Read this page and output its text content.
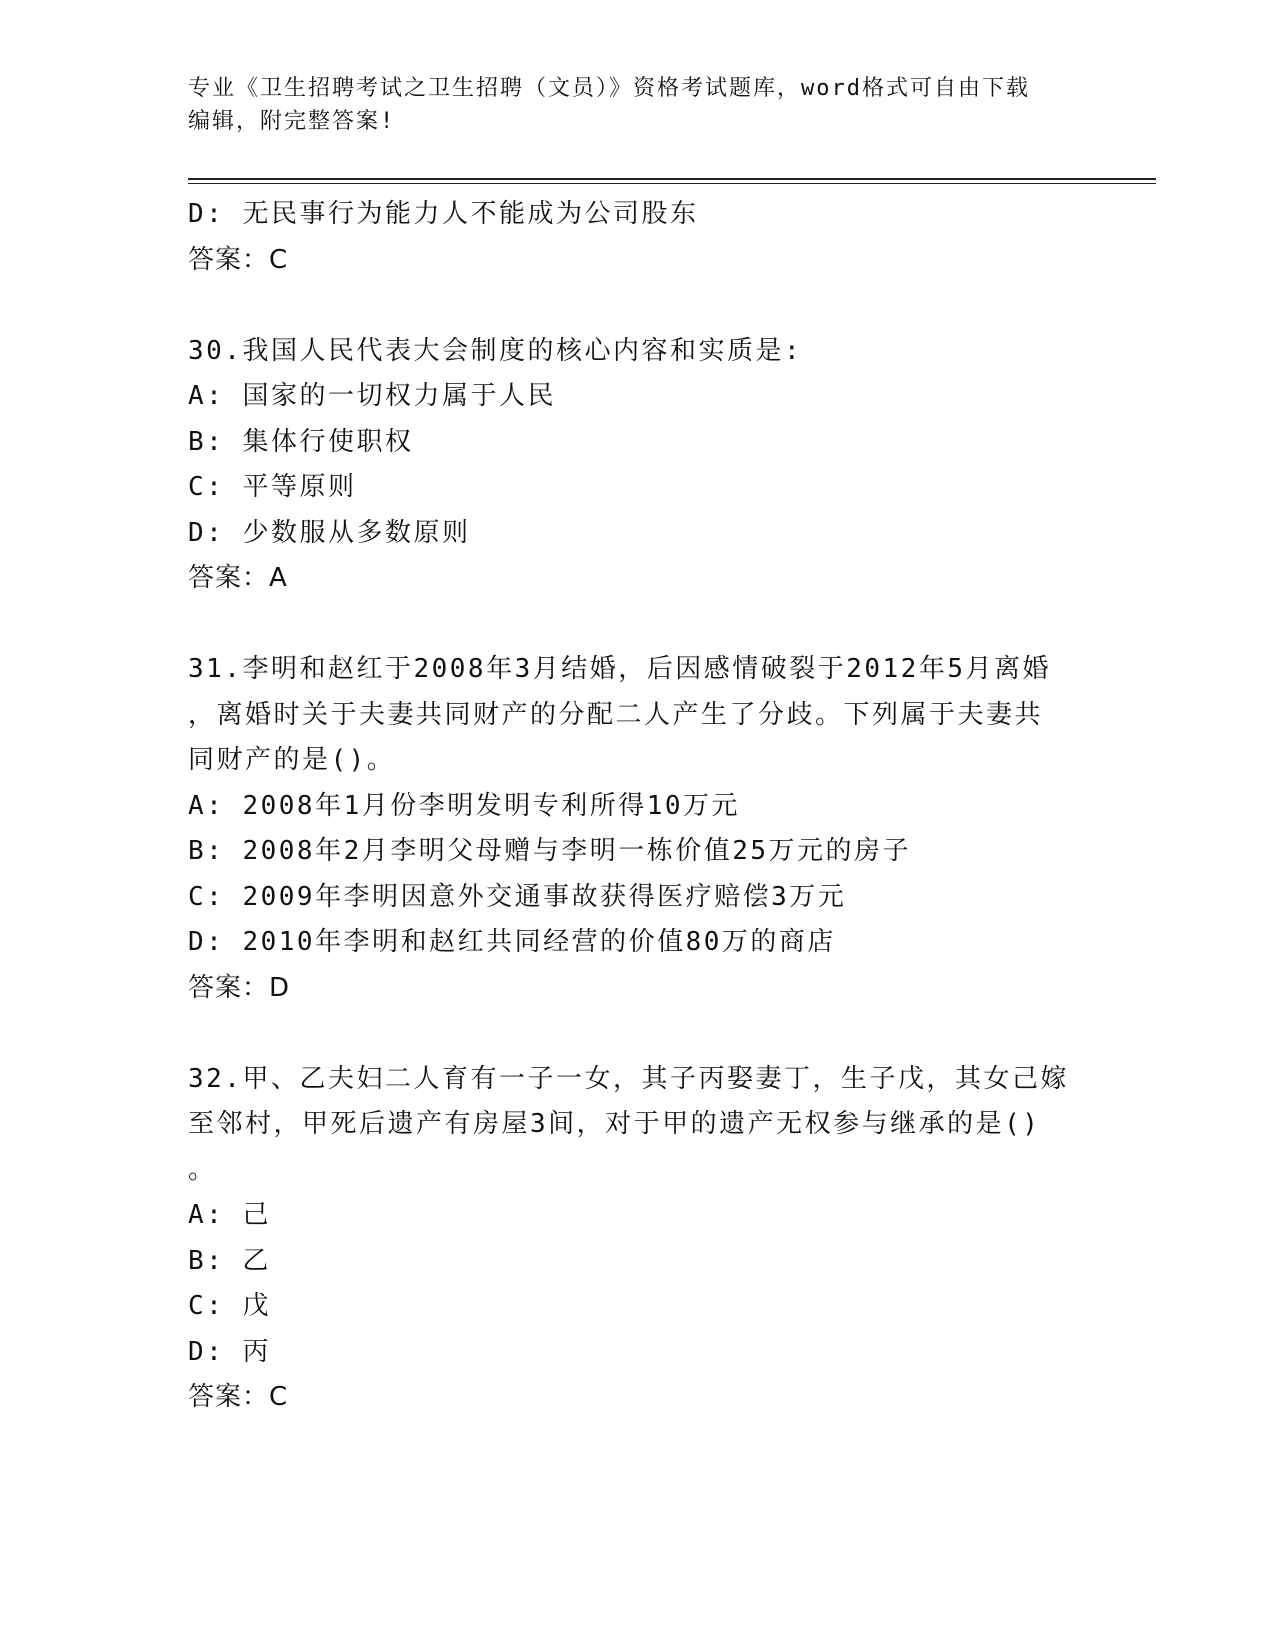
专业《卫生招聘考试之卫生招聘（文员）》资格考试题库，word格式可自由下载
编辑，附完整答案!
D: 无民事行为能力人不能成为公司股东
答案：C
30.我国人民代表大会制度的核心内容和实质是:
A: 国家的一切权力属于人民
B: 集体行使职权
C: 平等原则
D: 少数服从多数原则
答案：A
31.李明和赵红于2008年3月结婚，后因感情破裂于2012年5月离婚
，离婚时关于夫妻共同财产的分配二人产生了分歧。下列属于夫妻共
同财产的是()。
A: 2008年1月份李明发明专利所得10万元
B: 2008年2月李明父母赠与李明一栋价值25万元的房子
C: 2009年李明因意外交通事故获得医疗赔偿3万元
D: 2010年李明和赵红共同经营的价值80万的商店
答案：D
32.甲、乙夫妇二人育有一子一女，其子丙娶妻丁，生子戊，其女己嫁
至邻村，甲死后遗产有房屋3间，对于甲的遗产无权参与继承的是()
。
A: 己
B: 乙
C: 戊
D: 丙
答案：C
